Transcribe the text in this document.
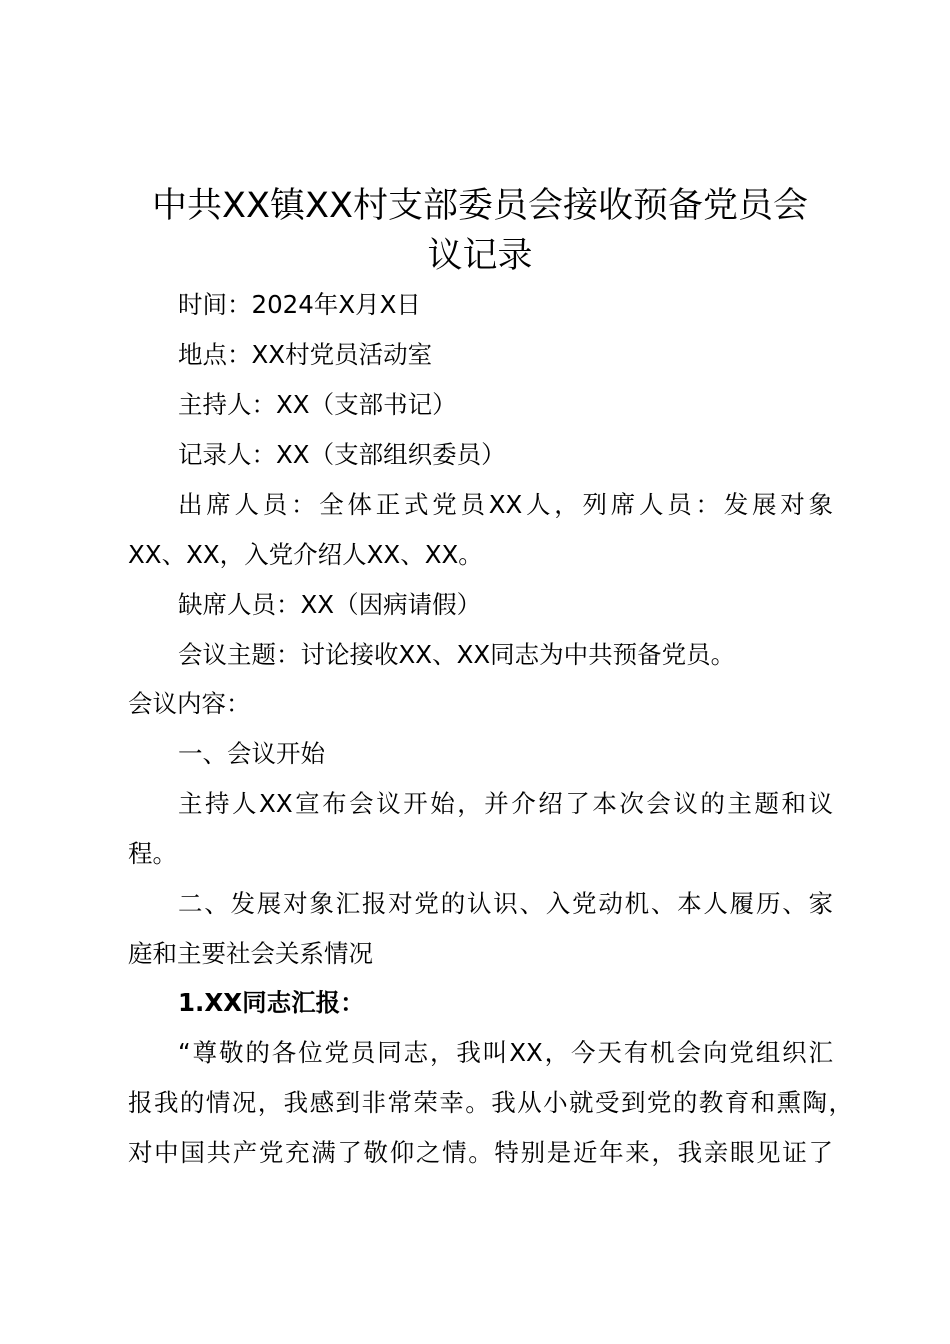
中共XX镇XX村支部委员会接收预备党员会
议记录
时间：2024年X月X日
地点：XX村党员活动室
主持人：XX（支部书记）
记录人：XX（支部组织委员）
出席人员：全体正式党员XX人，列席人员：发展对象
XX、XX，入党介绍人XX、XX。
缺席人员：XX（因病请假）
会议主题：讨论接收XX、XX同志为中共预备党员。
会议内容：
一、会议开始
主持人XX宣布会议开始，并介绍了本次会议的主题和议
程。
二、发展对象汇报对党的认识、入党动机、本人履历、家
庭和主要社会关系情况
1.XX同志汇报：
“尊敬的各位党员同志，我叫XX，今天有机会向党组织汇
报我的情况，我感到非常荣幸。我从小就受到党的教育和熏陶，
对中国共产党充满了敬仰之情。特别是近年来，我亲眼见证了
